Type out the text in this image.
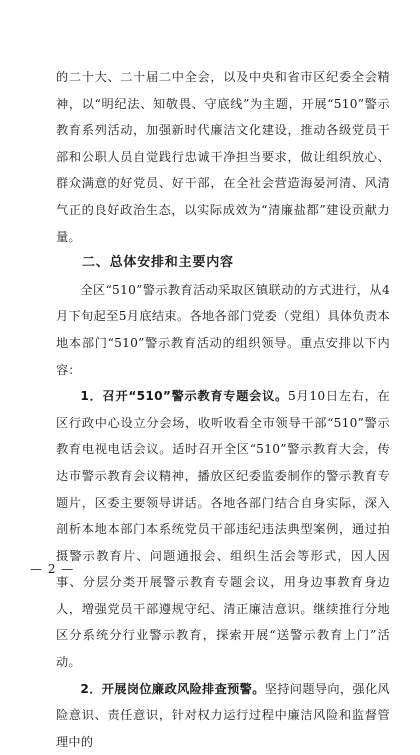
的二十大、二十届二中全会，以及中央和省市区纪委全会精神，以“明纪法、知敬畏、守底线”为主题，开展“510”警示教育系列活动，加强新时代廉洁文化建设，推动各级党员干部和公职人员自觉践行忠诚干净担当要求，做让组织放心、群众满意的好党员、好干部，在全社会营造海晏河清、风清气正的良好政治生态，以实际成效为“清廉盐都”建设贡献力量。

二、总体安排和主要内容

全区“510”警示教育活动采取区镇联动的方式进行，从4月下旬起至5月底结束。各地各部门党委（党组）具体负责本地本部门“510”警示教育活动的组织领导。重点安排以下内容：

1．召开“510”警示教育专题会议。5月10日左右，在区行政中心设立分会场，收听收看全市领导干部“510”警示教育电视电话会议。适时召开全区“510”警示教育大会，传达市警示教育会议精神，播放区纪委监委制作的警示教育专题片，区委主要领导讲话。各地各部门结合自身实际，深入剖析本地本部门本系统党员干部违纪违法典型案例，通过拍摄警示教育片、问题通报会、组织生活会等形式，因人因事、分层分类开展警示教育专题会议，用身边事教育身边人，增强党员干部遵规守纪、清正廉洁意识。继续推行分地区分系统分行业警示教育，探索开展“送警示教育上门”活动。

2．开展岗位廉政风险排查预警。坚持问题导向，强化风险意识、责任意识，针对权力运行过程中廉洁风险和监督管理中的

— 2 —
